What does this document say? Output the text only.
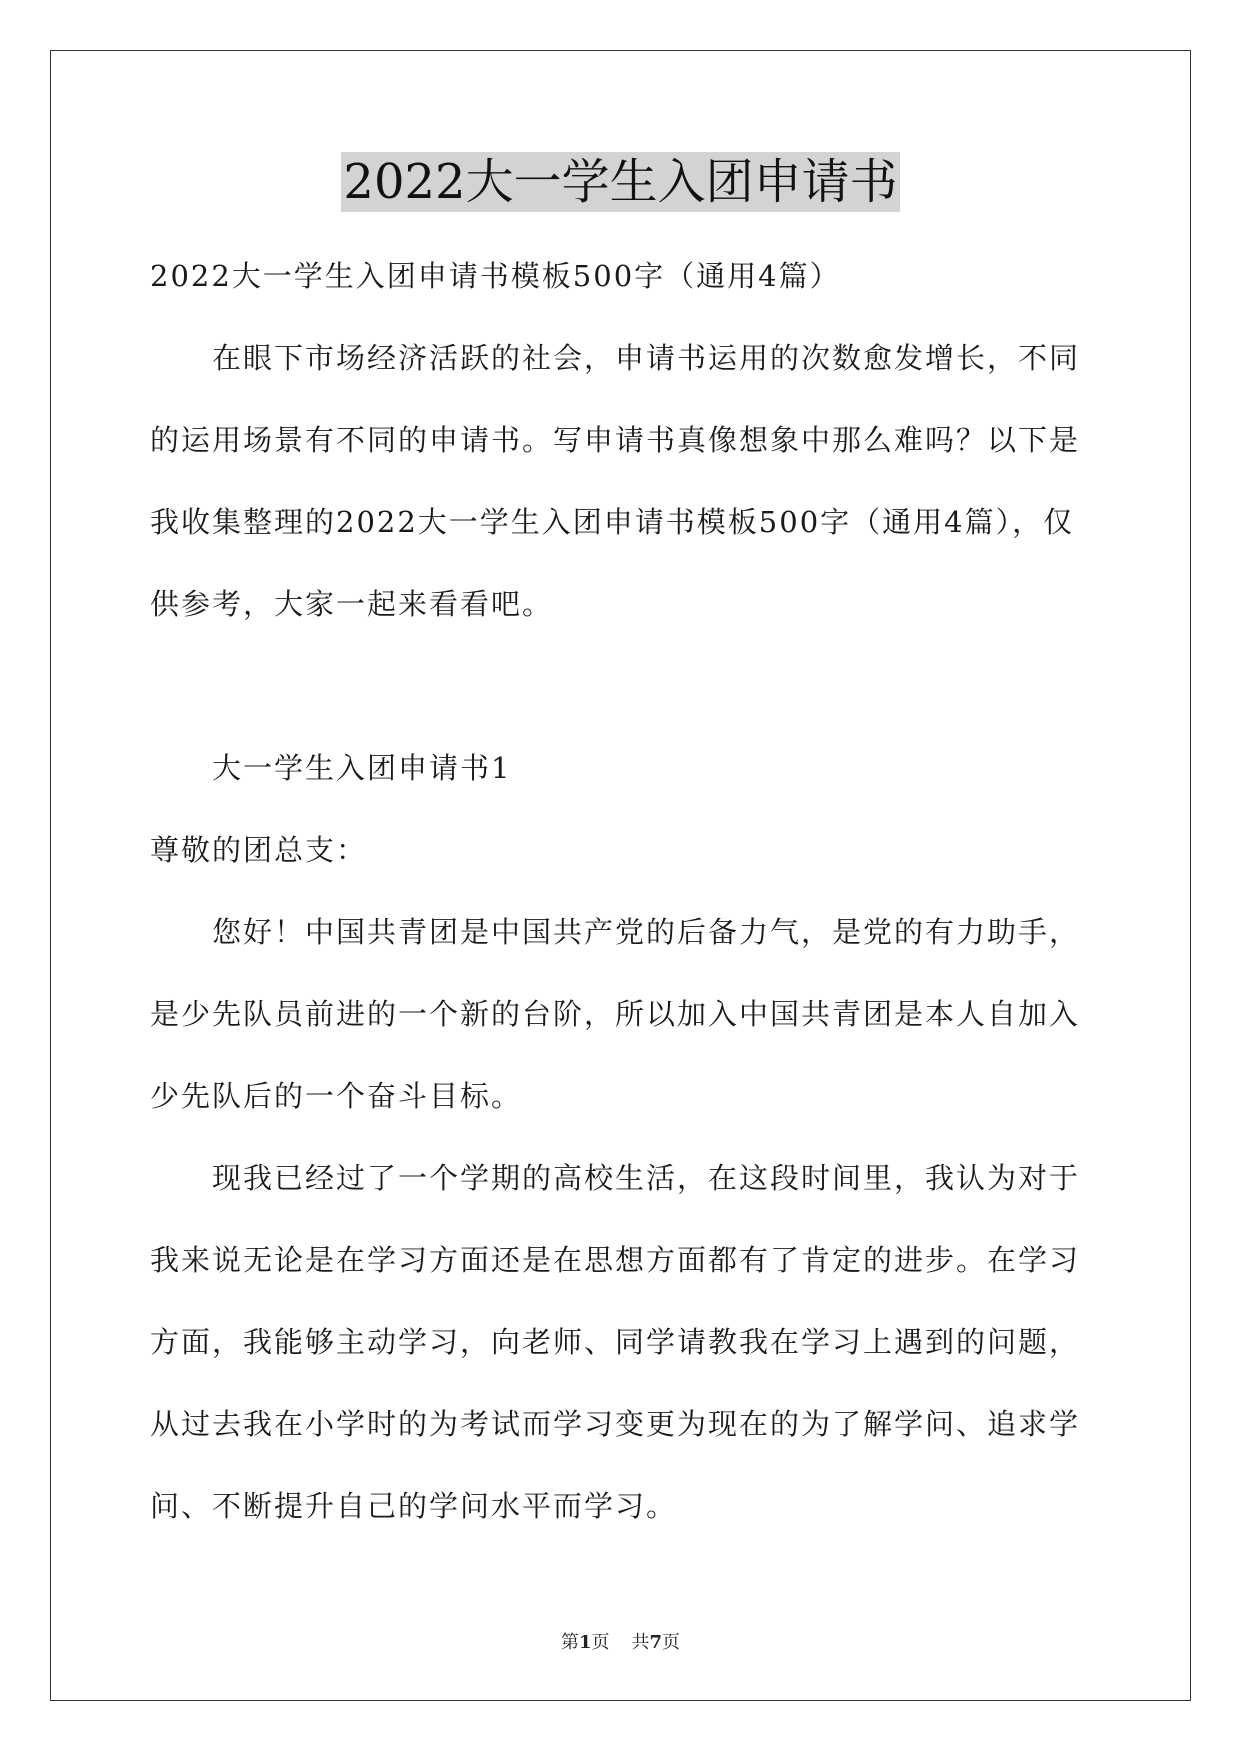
2022大一学生入团申请书
2022大一学生入团申请书模板500字（通用4篇）
在眼下市场经济活跃的社会，申请书运用的次数愈发增长，不同
的运用场景有不同的申请书。写申请书真像想象中那么难吗？以下是
我收集整理的2022大一学生入团申请书模板500字（通用4篇），仅
供参考，大家一起来看看吧。
大一学生入团申请书1
尊敬的团总支：
您好！中国共青团是中国共产党的后备力气，是党的有力助手，
是少先队员前进的一个新的台阶，所以加入中国共青团是本人自加入
少先队后的一个奋斗目标。
现我已经过了一个学期的高校生活，在这段时间里，我认为对于
我来说无论是在学习方面还是在思想方面都有了肯定的进步。在学习
方面，我能够主动学习，向老师、同学请教我在学习上遇到的问题，
从过去我在小学时的为考试而学习变更为现在的为了解学问、追求学
问、不断提升自己的学问水平而学习。
第1页 共7页
